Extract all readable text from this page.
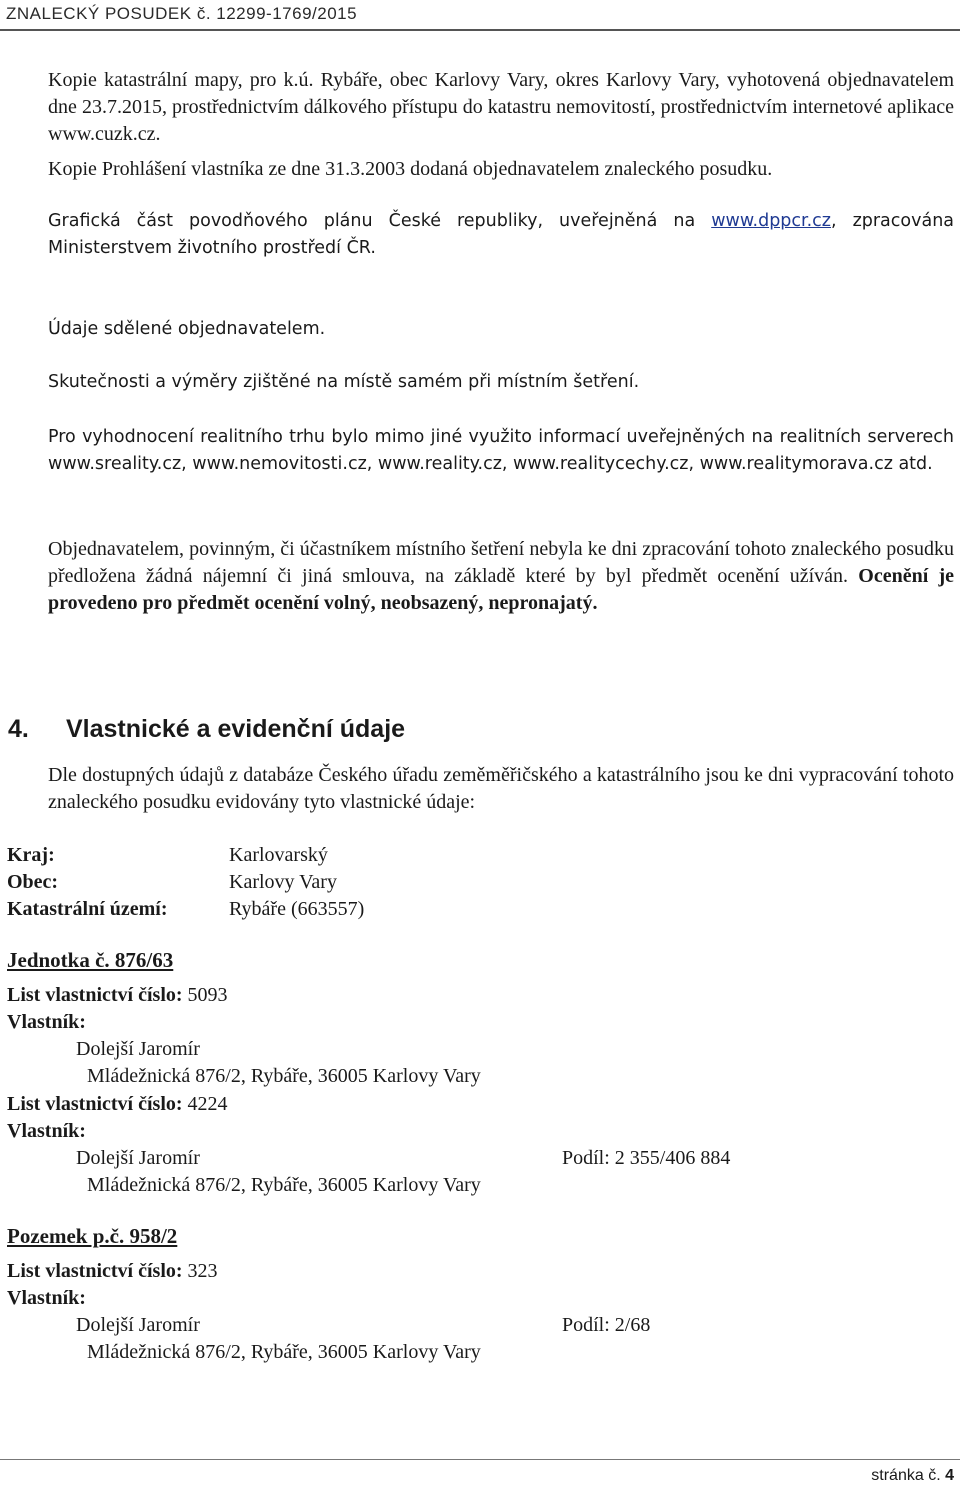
ZNALECKÝ POSUDEK č. 12299-1769/2015

Kopie katastrální mapy, pro k.ú. Rybáře, obec Karlovy Vary, okres Karlovy Vary, vyhotovená objednavatelem dne 23.7.2015, prostřednictvím dálkového přístupu do katastru nemovitostí, prostřednictvím internetové aplikace www.cuzk.cz.

Kopie Prohlášení vlastníka ze dne 31.3.2003 dodaná objednavatelem znaleckého posudku.

Grafická část povodňového plánu České republiky, uveřejněná na www.dppcr.cz, zpracována Ministerstvem životního prostředí ČR.

Údaje sdělené objednavatelem.

Skutečnosti a výměry zjištěné na místě samém při místním šetření.

Pro vyhodnocení realitního trhu bylo mimo jiné využito informací uveřejněných na realitních serverech www.sreality.cz, www.nemovitosti.cz, www.reality.cz, www.realitycechy.cz, www.realitymorava.cz atd.

Objednavatelem, povinným, či účastníkem místního šetření nebyla ke dni zpracování tohoto znaleckého posudku předložena žádná nájemní či jiná smlouva, na základě které by byl předmět ocenění užíván. Ocenění je provedeno pro předmět ocenění volný, neobsazený, nepronajatý.

4. Vlastnické a evidenční údaje

Dle dostupných údajů z databáze Českého úřadu zeměměřičského a katastrálního jsou ke dni vypracování tohoto znaleckého posudku evidovány tyto vlastnické údaje:

Kraj:	Karlovarský
Obec:	Karlovy Vary
Katastrální území:	Rybáře (663557)
Jednotka č. 876/63
List vlastnictví číslo: 5093
Vlastník:
Dolejší Jaromír
Mládežnická 876/2, Rybáře, 36005 Karlovy Vary
List vlastnictví číslo: 4224
Vlastník:
Dolejší Jaromír	Podíl: 2 355/406 884
Mládežnická 876/2, Rybáře, 36005 Karlovy Vary
Pozemek p.č. 958/2
List vlastnictví číslo: 323
Vlastník:
Dolejší Jaromír	Podíl: 2/68
Mládežnická 876/2, Rybáře, 36005 Karlovy Vary
stránka č. 4
